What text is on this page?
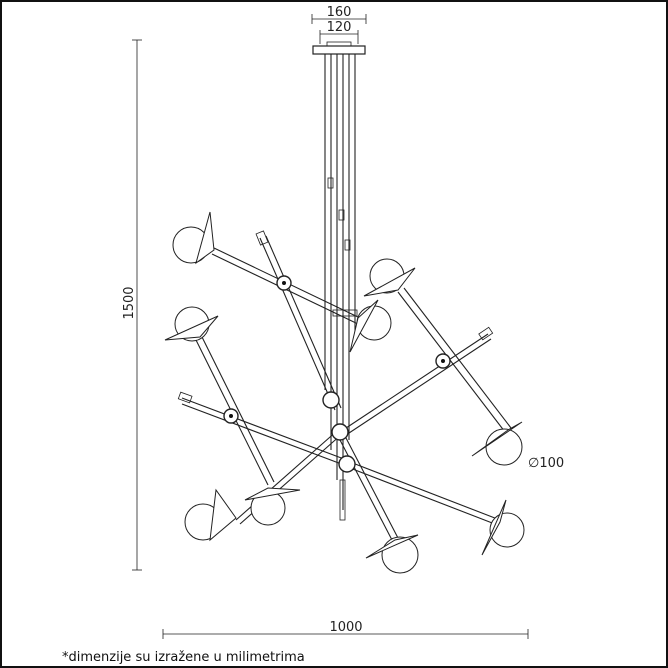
160
120
1500
1000
∅100
*dimenzije su izražene u milimetrima
